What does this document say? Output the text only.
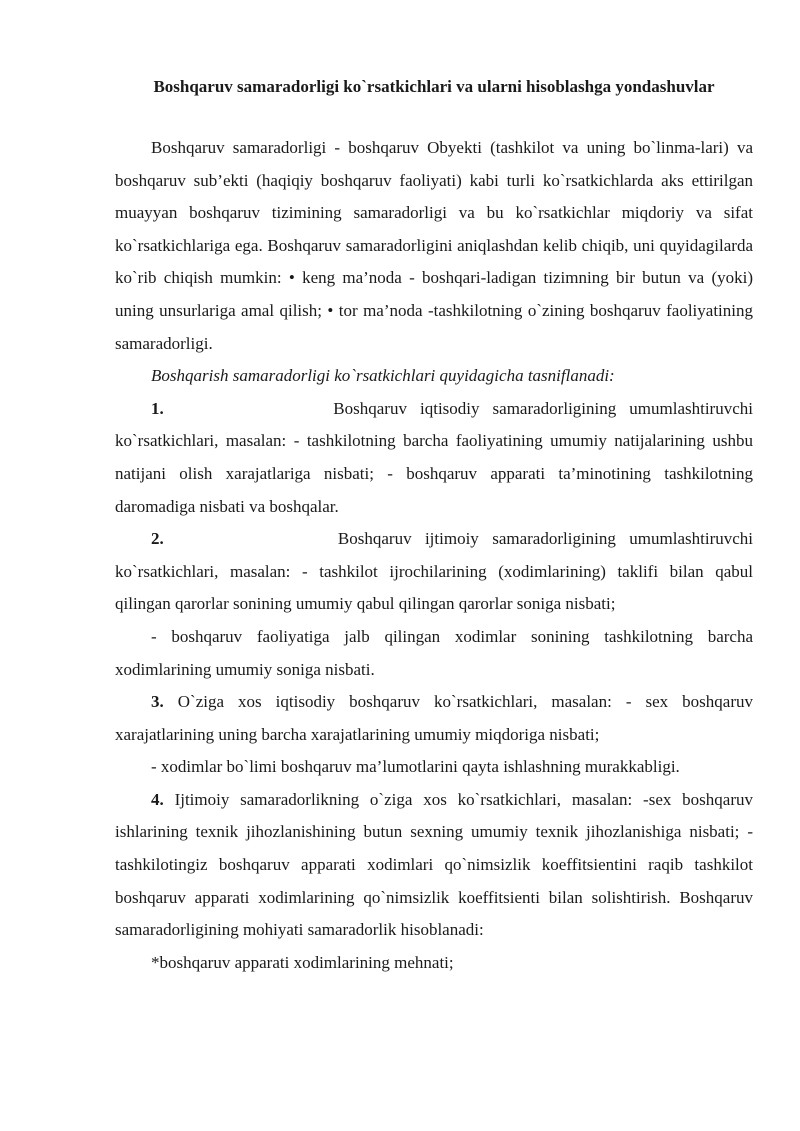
Boshqaruv samaradorligi ko`rsatkichlari va ularni hisoblashga yondashuvlar

Boshqaruv samaradorligi - boshqaruv Obyekti (tashkilot va uning bo`linma-lari) va boshqaruv sub’ekti (haqiqiy boshqaruv faoliyati) kabi turli ko`rsatkichlarda aks ettirilgan muayyan boshqaruv tizimining samaradorligi va bu ko`rsatkichlar miqdoriy va sifat ko`rsatkichlariga ega. Boshqaruv samaradorligini aniqlashdan kelib chiqib, uni quyidagilarda ko`rib chiqish mumkin: • keng ma’noda - boshqari-ladigan tizimning bir butun va (yoki) uning unsurlariga amal qilish; • tor ma’noda -tashkilotning o`zining boshqaruv faoliyatining samaradorligi.

Boshqarish samaradorligi ko`rsatkichlari quyidagicha tasniflanadi:

1.	Boshqaruv iqtisodiy samaradorligining umumlashtiruvchi

ko`rsatkichlari, masalan: - tashkilotning barcha faoliyatining umumiy natijalarining ushbu natijani olish xarajatlariga nisbati; - boshqaruv apparati ta’minotining tashkilotning daromadiga nisbati va boshqalar.

2.	Boshqaruv ijtimoiy samaradorligining umumlashtiruvchi

ko`rsatkichlari, masalan: - tashkilot ijrochilarining (xodimlarining) taklifi bilan qabul qilingan qarorlar sonining umumiy qabul qilingan qarorlar soniga nisbati;

- boshqaruv faoliyatiga jalb qilingan xodimlar sonining tashkilotning barcha xodimlarining umumiy soniga nisbati.

3. O`ziga xos iqtisodiy boshqaruv ko`rsatkichlari, masalan: - sex boshqaruv xarajatlarining uning barcha xarajatlarining umumiy miqdoriga nisbati;

- xodimlar bo`limi boshqaruv ma’lumotlarini qayta ishlashning murakkabligi.

4. Ijtimoiy samaradorlikning o`ziga xos ko`rsatkichlari, masalan: -sex boshqaruv ishlarining texnik jihozlanishining butun sexning umumiy texnik jihozlanishiga nisbati; -tashkilotingiz boshqaruv apparati xodimlari qo`nimsizlik koeffitsientini raqib tashkilot boshqaruv apparati xodimlarining qo`nimsizlik koeffitsienti bilan solishtirish. Boshqaruv samaradorligining mohiyati samaradorlik hisoblanadi:

*boshqaruv apparati xodimlarining mehnati;
